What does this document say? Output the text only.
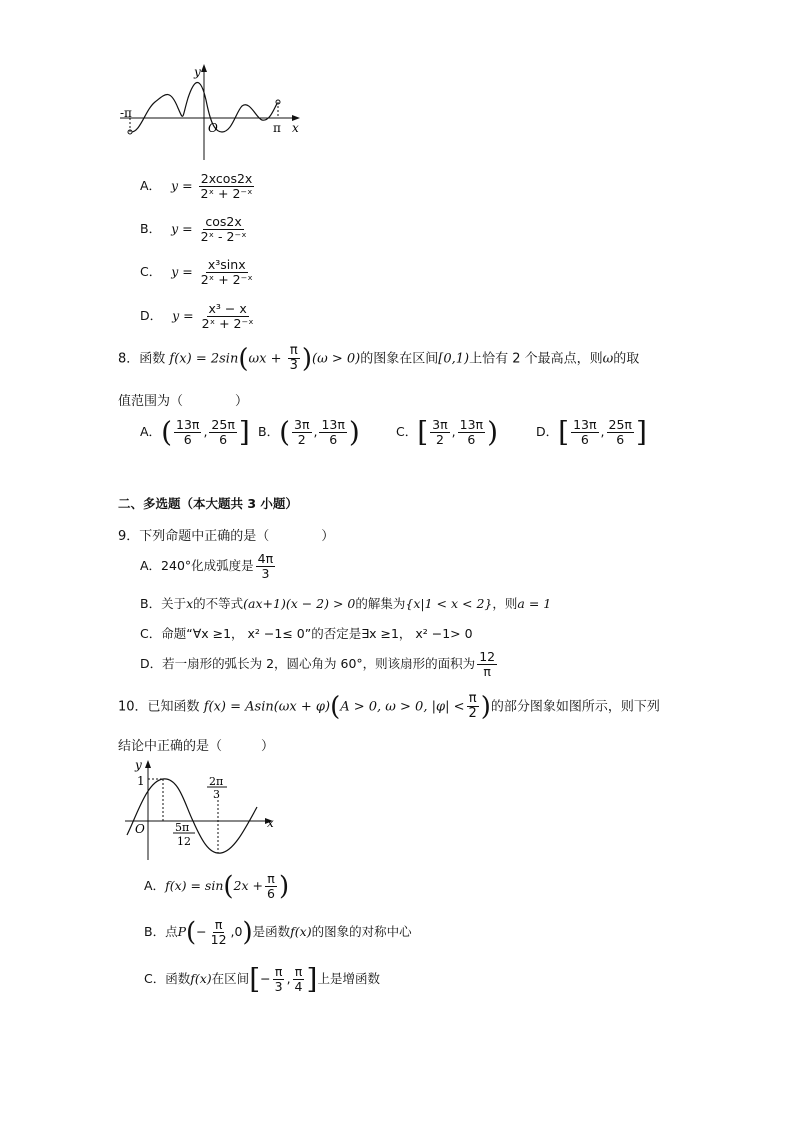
y
x
O
-π
π
A． $y = \frac{2xcos2x}{\text{2ˣ + 2⁻ˣ}}$
B． $y = \frac{\cos 2x}{\text{2ˣ - 2⁻ˣ}}$
C． $y = \frac{\text{x³sinx}}{\text{2ˣ + 2⁻ˣ}}$
D． $y = \frac{\text{x³ − x}}{\text{2ˣ + 2⁻ˣ}}$
8．函数 $f(x) = 2\sin(\omega x + \frac{\pi}{3} )(\omega > 0)$的图象在区间[0,1)上恰有 2 个最高点，则ω的取
值范围为（　　　　）
A．( $\frac{13\pi}{6}$ , $\frac{25\pi}{6}$ ] B．( $\frac{3\pi}{2}$ , $\frac{13\pi}{6}$ )	C．[ $\frac{3\pi}{2}$ , $\frac{13\pi}{6}$ )	D．[ $\frac{13\pi}{6}$ , $\frac{25\pi}{6}$ ]
二、多选题（本大题共 3 小题）
9．下列命题中正确的是（　　　　）
A．240°化成弧度是 $\frac{4\pi}{3}$
B．关于x的不等式(ax+1)(x − 2) > 0的解集为{x|1 < x < 2}，则a = 1
C．命题“∀x ≥1， x² −1≤ 0”的否定是∃x ≥1， x² −1> 0
D．若一扇形的弧长为 2，圆心角为 60°，则该扇形的面积为 $\frac{12}{\pi}$
10．已知函数 f(x) = Asin(ωx + φ)(A > 0, ω > 0, $|\varphi| < \frac{\pi}{2}$ )的部分图象如图所示，则下列
结论中正确的是（　　　）
y
x
O
1
5π
12
2π
3
A．$f(x) = \sin(2x + \frac{\pi}{6}$ )
B．点$P(- \frac{\pi}{12} ,0)$是函数f(x)的图象的对称中心
C．函数f(x)在区间[− $\frac{\pi}{3}$ , $\frac{\pi}{4}$ ]上是增函数
